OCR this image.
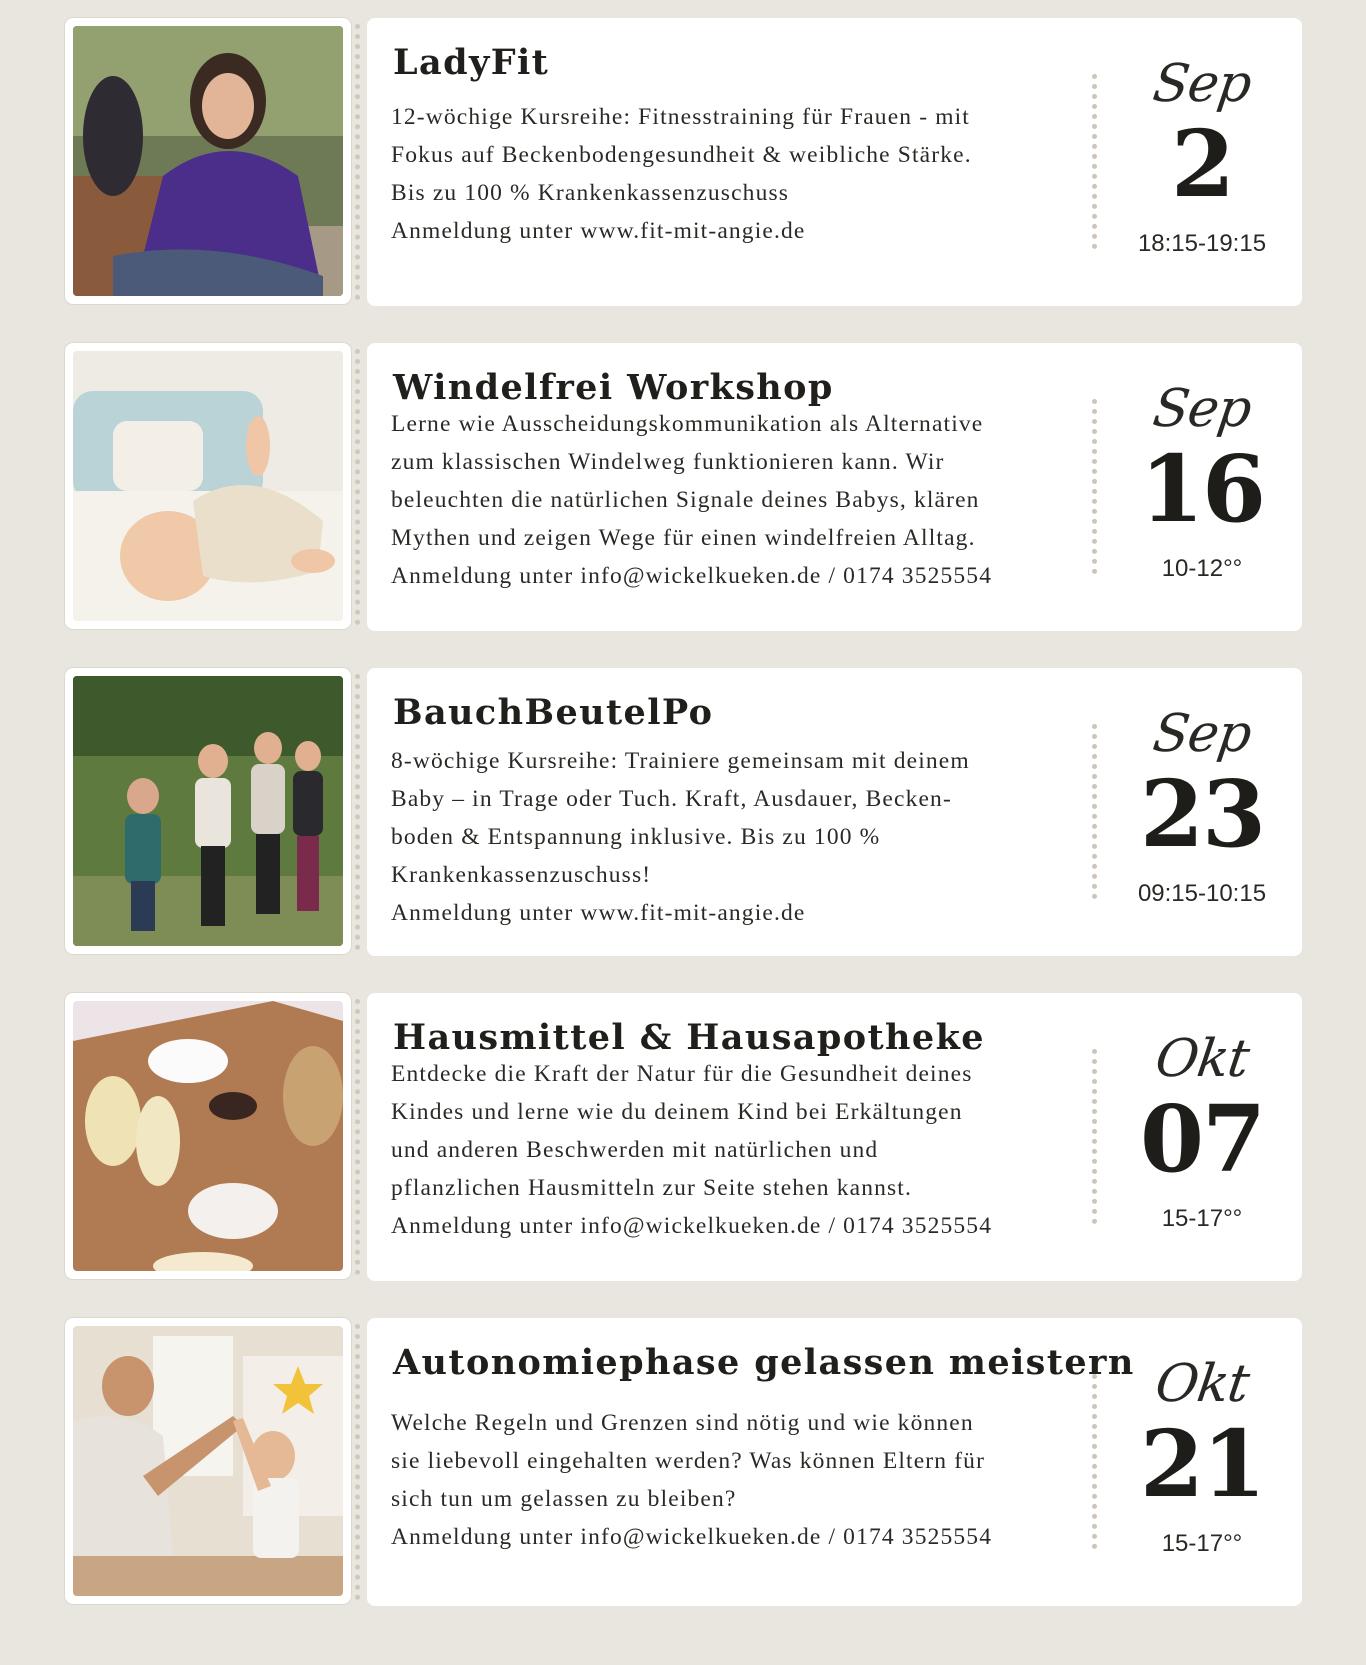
LadyFit

12-wöchige Kursreihe: Fitnesstraining für Frauen - mit

Fokus auf Beckenbodengesundheit & weibliche Stärke.

Bis zu 100 % Krankenkassenzuschuss

Anmeldung unter www.fit-mit-angie.de

Sep
2
18:15-19:15
Windelfrei Workshop

Lerne wie Ausscheidungskommunikation als Alternative

zum klassischen Windelweg funktionieren kann. Wir

beleuchten die natürlichen Signale deines Babys, klären

Mythen und zeigen Wege für einen windelfreien Alltag.

Anmeldung unter info@wickelkueken.de / 0174 3525554

Sep
16
10-12°°
BauchBeutelPo

8-wöchige Kursreihe: Trainiere gemeinsam mit deinem

Baby – in Trage oder Tuch. Kraft, Ausdauer, Becken-

boden & Entspannung inklusive. Bis zu 100 %

Krankenkassenzuschuss!

Anmeldung unter www.fit-mit-angie.de

Sep
23
09:15-10:15
Hausmittel & Hausapotheke

Entdecke die Kraft der Natur für die Gesundheit deines

Kindes und lerne wie du deinem Kind bei Erkältungen

und anderen Beschwerden mit natürlichen und

pflanzlichen Hausmitteln zur Seite stehen kannst.

Anmeldung unter info@wickelkueken.de / 0174 3525554

Okt
07
15-17°°
Autonomiephase gelassen meistern

Welche Regeln und Grenzen sind nötig und wie können

sie liebevoll eingehalten werden? Was können Eltern für

sich tun um gelassen zu bleiben?

Anmeldung unter info@wickelkueken.de / 0174 3525554

Okt
21
15-17°°
